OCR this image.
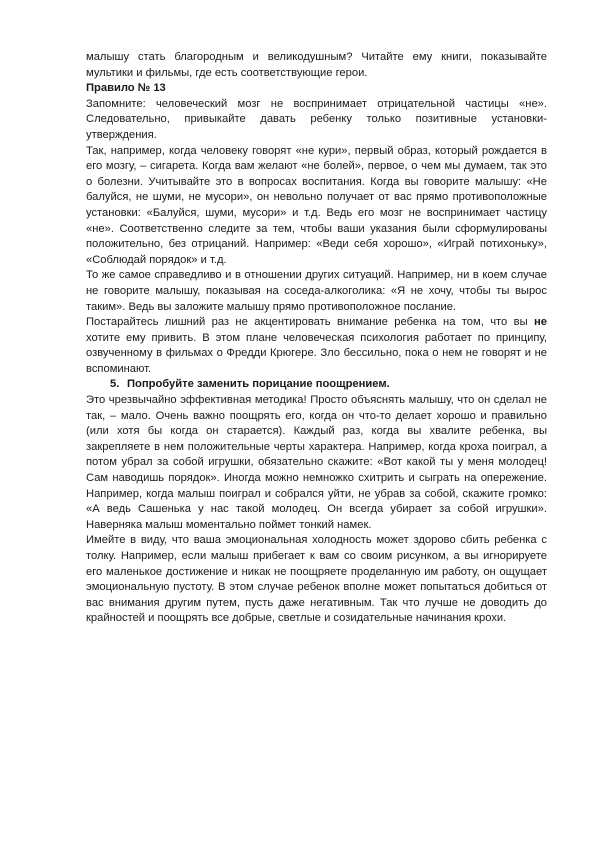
малышу стать благородным и великодушным? Читайте ему книги, показывайте мультики и фильмы, где есть соответствующие герои.

Правило № 13

Запомните: человеческий мозг не воспринимает отрицательной частицы «не». Следовательно, привыкайте давать ребенку только позитивные установки-утверждения.

Так, например, когда человеку говорят «не кури», первый образ, который рождается в его мозгу, – сигарета. Когда вам желают «не болей», первое, о чем мы думаем, так это о болезни. Учитывайте это в вопросах воспитания. Когда вы говорите малышу: «Не балуйся, не шуми, не мусори», он невольно получает от вас прямо противоположные установки: «Балуйся, шуми, мусори» и т.д. Ведь его мозг не воспринимает частицу «не». Соответственно следите за тем, чтобы ваши указания были сформулированы положительно, без отрицаний. Например: «Веди себя хорошо», «Играй потихоньку», «Соблюдай порядок» и т.д.

То же самое справедливо и в отношении других ситуаций. Например, ни в коем случае не говорите малышу, показывая на соседа-алкоголика: «Я не хочу, чтобы ты вырос таким». Ведь вы заложите малышу прямо противоположное послание.

Постарайтесь лишний раз не акцентировать внимание ребенка на том, что вы не хотите ему привить. В этом плане человеческая психология работает по принципу, озвученному в фильмах о Фредди Крюгере. Зло бессильно, пока о нем не говорят и не вспоминают.

5. Попробуйте заменить порицание поощрением.

Это чрезвычайно эффективная методика! Просто объяснять малышу, что он сделал не так, – мало. Очень важно поощрять его, когда он что-то делает хорошо и правильно (или хотя бы когда он старается). Каждый раз, когда вы хвалите ребенка, вы закрепляете в нем положительные черты характера. Например, когда кроха поиграл, а потом убрал за собой игрушки, обязательно скажите: «Вот какой ты у меня молодец! Сам наводишь порядок». Иногда можно немножко схитрить и сыграть на опережение. Например, когда малыш поиграл и собрался уйти, не убрав за собой, скажите громко: «А ведь Сашенька у нас такой молодец. Он всегда убирает за собой игрушки». Наверняка малыш моментально поймет тонкий намек.

Имейте в виду, что ваша эмоциональная холодность может здорово сбить ребенка с толку. Например, если малыш прибегает к вам со своим рисунком, а вы игнорируете его маленькое достижение и никак не поощряете проделанную им работу, он ощущает эмоциональную пустоту. В этом случае ребенок вполне может попытаться добиться от вас внимания другим путем, пусть даже негативным. Так что лучше не доводить до крайностей и поощрять все добрые, светлые и созидательные начинания крохи.
